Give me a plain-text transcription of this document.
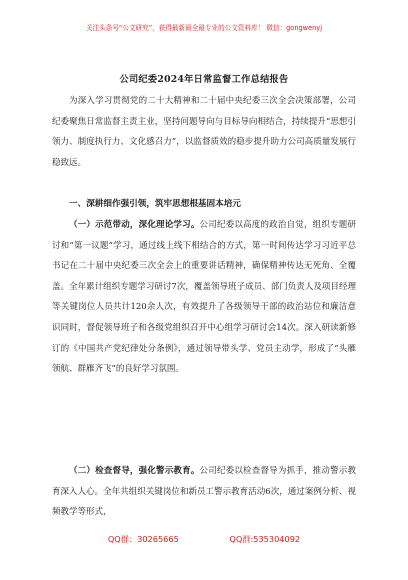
关注头条号“公文研究”，获得最新最全最专业的公文资料库！ 微信：gongwenyj
公司纪委2024年日常监督工作总结报告
为深入学习贯彻党的二十大精神和二十届中央纪委三次全会决策部署，公司纪委聚焦日常监督主责主业，坚持问题导向与目标导向相结合，持续提升“思想引领力、制度执行力、文化感召力”，以监督质效的稳步提升助力公司高质量发展行稳致远。
一、深耕细作强引领，筑牢思想根基固本培元
（一）示范带动，深化理论学习。公司纪委以高度的政治自觉，组织专题研讨和“第一议题”学习，通过线上线下相结合的方式，第一时间传达学习习近平总书记在二十届中央纪委三次全会上的重要讲话精神，确保精神传达无死角、全覆盖。全年累计组织专题学习研讨7次，覆盖领导班子成员、部门负责人及项目经理等关键岗位人员共计120余人次，有效提升了各级领导干部的政治站位和廉洁意识同时，督促领导班子和各级党组织召开中心组学习研讨会14次。深入研读新修订的《中国共产党纪律处分条例》，通过领导带头学、党员主动学，形成了“头雁领航、群雁齐飞”的良好学习氛围。
（二）检查督导，强化警示教育。公司纪委以检查督导为抓手，推动警示教育深入人心。全年共组织关键岗位和新员工警示教育活动6次，通过案例分析、视频教学等形式，
QQ群：30265665	QQ群:535304092
